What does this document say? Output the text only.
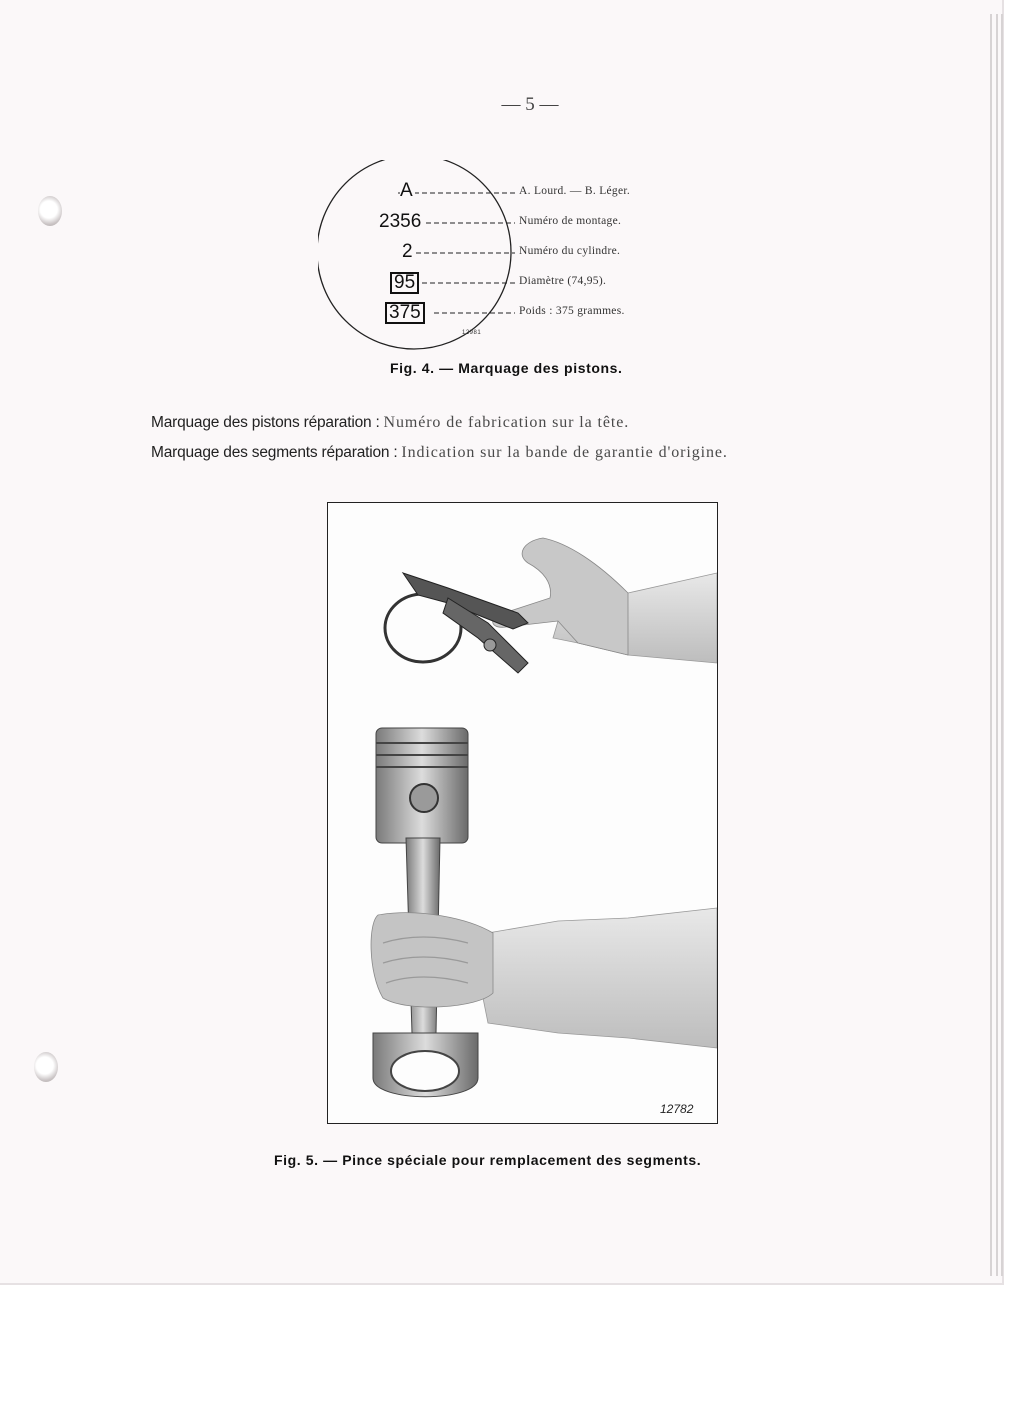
— 5 —
A
2356
2
95
375
A. Lourd. — B. Léger.
Numéro de montage.
Numéro du cylindre.
Diamètre (74,95).
Poids : 375 grammes.
12981
Fig. 4. — Marquage des pistons.
Marquage des pistons réparation : Numéro de fabrication sur la tête.
Marquage des segments réparation : Indication sur la bande de garantie d'origine.
12782
Fig. 5. — Pince spéciale pour remplacement des segments.
